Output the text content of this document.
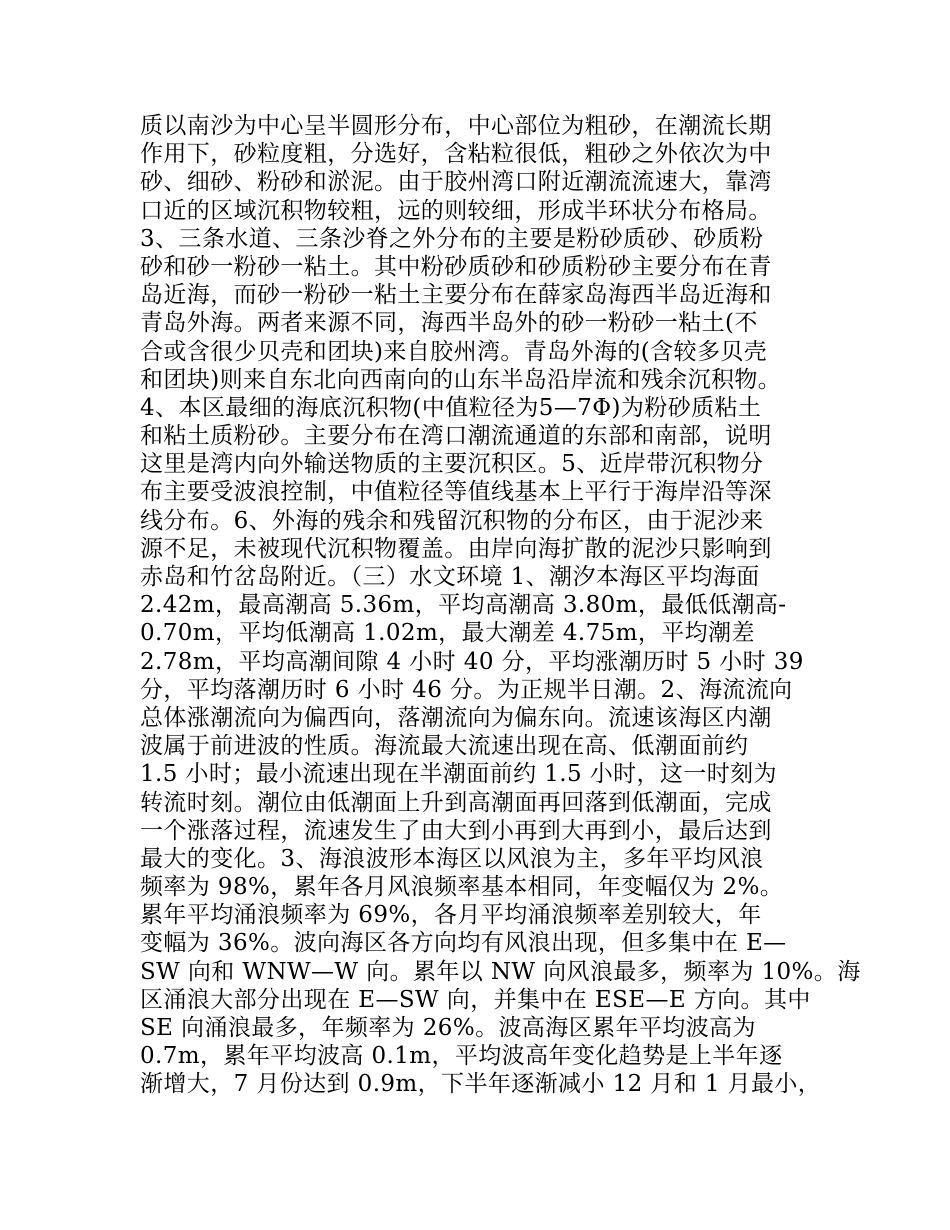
质以南沙为中心呈半圆形分布，中心部位为粗砂，在潮流长期

作用下，砂粒度粗，分选好，含粘粒很低，粗砂之外依次为中

砂、细砂、粉砂和淤泥。由于胶州湾口附近潮流流速大，靠湾

口近的区域沉积物较粗，远的则较细，形成半环状分布格局。

3、三条水道、三条沙脊之外分布的主要是粉砂质砂、砂质粉

砂和砂一粉砂一粘土。其中粉砂质砂和砂质粉砂主要分布在青

岛近海，而砂一粉砂一粘土主要分布在薛家岛海西半岛近海和

青岛外海。两者来源不同，海西半岛外的砂一粉砂一粘土(不

合或含很少贝壳和团块)来自胶州湾。青岛外海的(含较多贝壳

和团块)则来自东北向西南向的山东半岛沿岸流和残余沉积物。

4、本区最细的海底沉积物(中值粒径为5—7Φ)为粉砂质粘土

和粘土质粉砂。主要分布在湾口潮流通道的东部和南部，说明

这里是湾内向外输送物质的主要沉积区。5、近岸带沉积物分

布主要受波浪控制，中值粒径等值线基本上平行于海岸沿等深

线分布。6、外海的残余和残留沉积物的分布区，由于泥沙来

源不足，未被现代沉积物覆盖。由岸向海扩散的泥沙只影响到

赤岛和竹岔岛附近。（三）水文环境 1、潮汐本海区平均海面

2.42m，最高潮高 5.36m，平均高潮高 3.80m，最低低潮高-

0.70m，平均低潮高 1.02m，最大潮差 4.75m，平均潮差

2.78m，平均高潮间隙 4 小时 40 分，平均涨潮历时 5 小时 39

分，平均落潮历时 6 小时 46 分。为正规半日潮。2、海流流向

总体涨潮流向为偏西向，落潮流向为偏东向。流速该海区内潮

波属于前进波的性质。海流最大流速出现在高、低潮面前约

1.5 小时；最小流速出现在半潮面前约 1.5 小时，这一时刻为

转流时刻。潮位由低潮面上升到高潮面再回落到低潮面，完成

一个涨落过程，流速发生了由大到小再到大再到小，最后达到

最大的变化。3、海浪波形本海区以风浪为主，多年平均风浪

频率为 98%，累年各月风浪频率基本相同，年变幅仅为 2%。

累年平均涌浪频率为 69%，各月平均涌浪频率差别较大，年

变幅为 36%。波向海区各方向均有风浪出现，但多集中在 E—

SW 向和 WNW—W 向。累年以 NW 向风浪最多，频率为 10%。海

区涌浪大部分出现在 E—SW 向，并集中在 ESE—E 方向。其中

SE 向涌浪最多，年频率为 26%。波高海区累年平均波高为

0.7m，累年平均波高 0.1m，平均波高年变化趋势是上半年逐

渐增大，7 月份达到 0.9m，下半年逐渐减小 12 月和 1 月最小，
